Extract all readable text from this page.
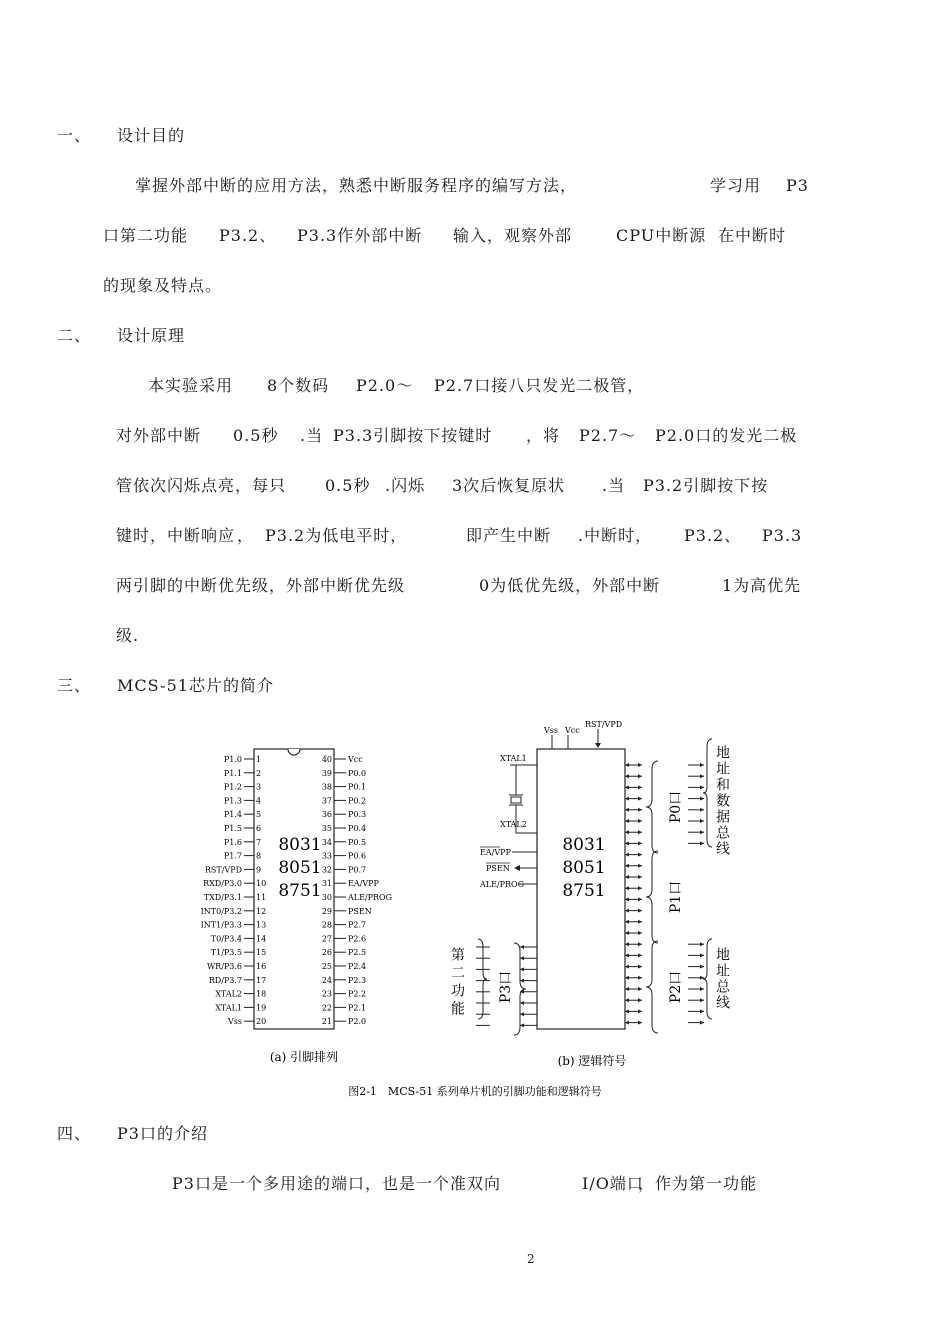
一、 设计目的
掌握外部中断的应用方法，熟悉中断服务程序的编写方法，	学习用 P3
口第二功能 P3.2、 P3.3作外部中断 输入，观察外部	CPU中断源 在中断时
的现象及特点。
二、 设计原理
本实验采用 8个数码 P2.0～ P2.7口接八只发光二极管，
对外部中断 0.5秒 .当 P3.3引脚按下按键时 ，将 P2.7～ P2.0口的发光二极
管依次闪烁点亮，每只 0.5秒 .闪烁 3次后恢复原状 .当 P3.2引脚按下按
键时 ，中断响应 ， P3.2为低电平时，	即产生中断 .中断时， P3.2、 P3.3
两引脚的中断优先级，外部中断优先级	0为低优先级，外部中断	1为高优先
级.
三、 MCS-51芯片的简介
P1.0 1
P1.1 2
P1.2 3
P1.3 4
P1.4 5
P1.5 6
P1.6 7
P1.7 8
RST/VPD 9
RXD/P3.0 10
TXD/P3.1 11
INT0/P3.2 12
INT1/P3.3 13
T0/P3.4 14
T1/P3.5 15
WR/P3.6 16
RD/P3.7 17
XTAL2 18
XTAL1 19
Vss 20
40 Vcc
39 P0.0
38 P0.1
37 P0.2
36 P0.3
35 P0.4
34 P0.5
33 P0.6
32 P0.7
31 EA/VPP
30 ALE/PROG
29 PSEN
28 P2.7
27 P2.6
26 P2.5
25 P2.4
24 P2.3
23 P2.2
22 P2.1
21 P2.0
8031
8051
8751
(a) 引脚排列
8031
8051
8751
Vss Vcc
RST/VPD
XTAL1
XTAL2
EA/VPP
PSEN
ALE/PROG
P0口
P1口
P2口
P3口
地址和数据总线
地址总线
第二功能
(b) 逻辑符号
图2-1　MCS-51 系列单片机的引脚功能和逻辑符号
四、 P3口的介绍
P3口是一个多用途的端口，也是一个准双向	I/O端口
，作为第一功能
2
